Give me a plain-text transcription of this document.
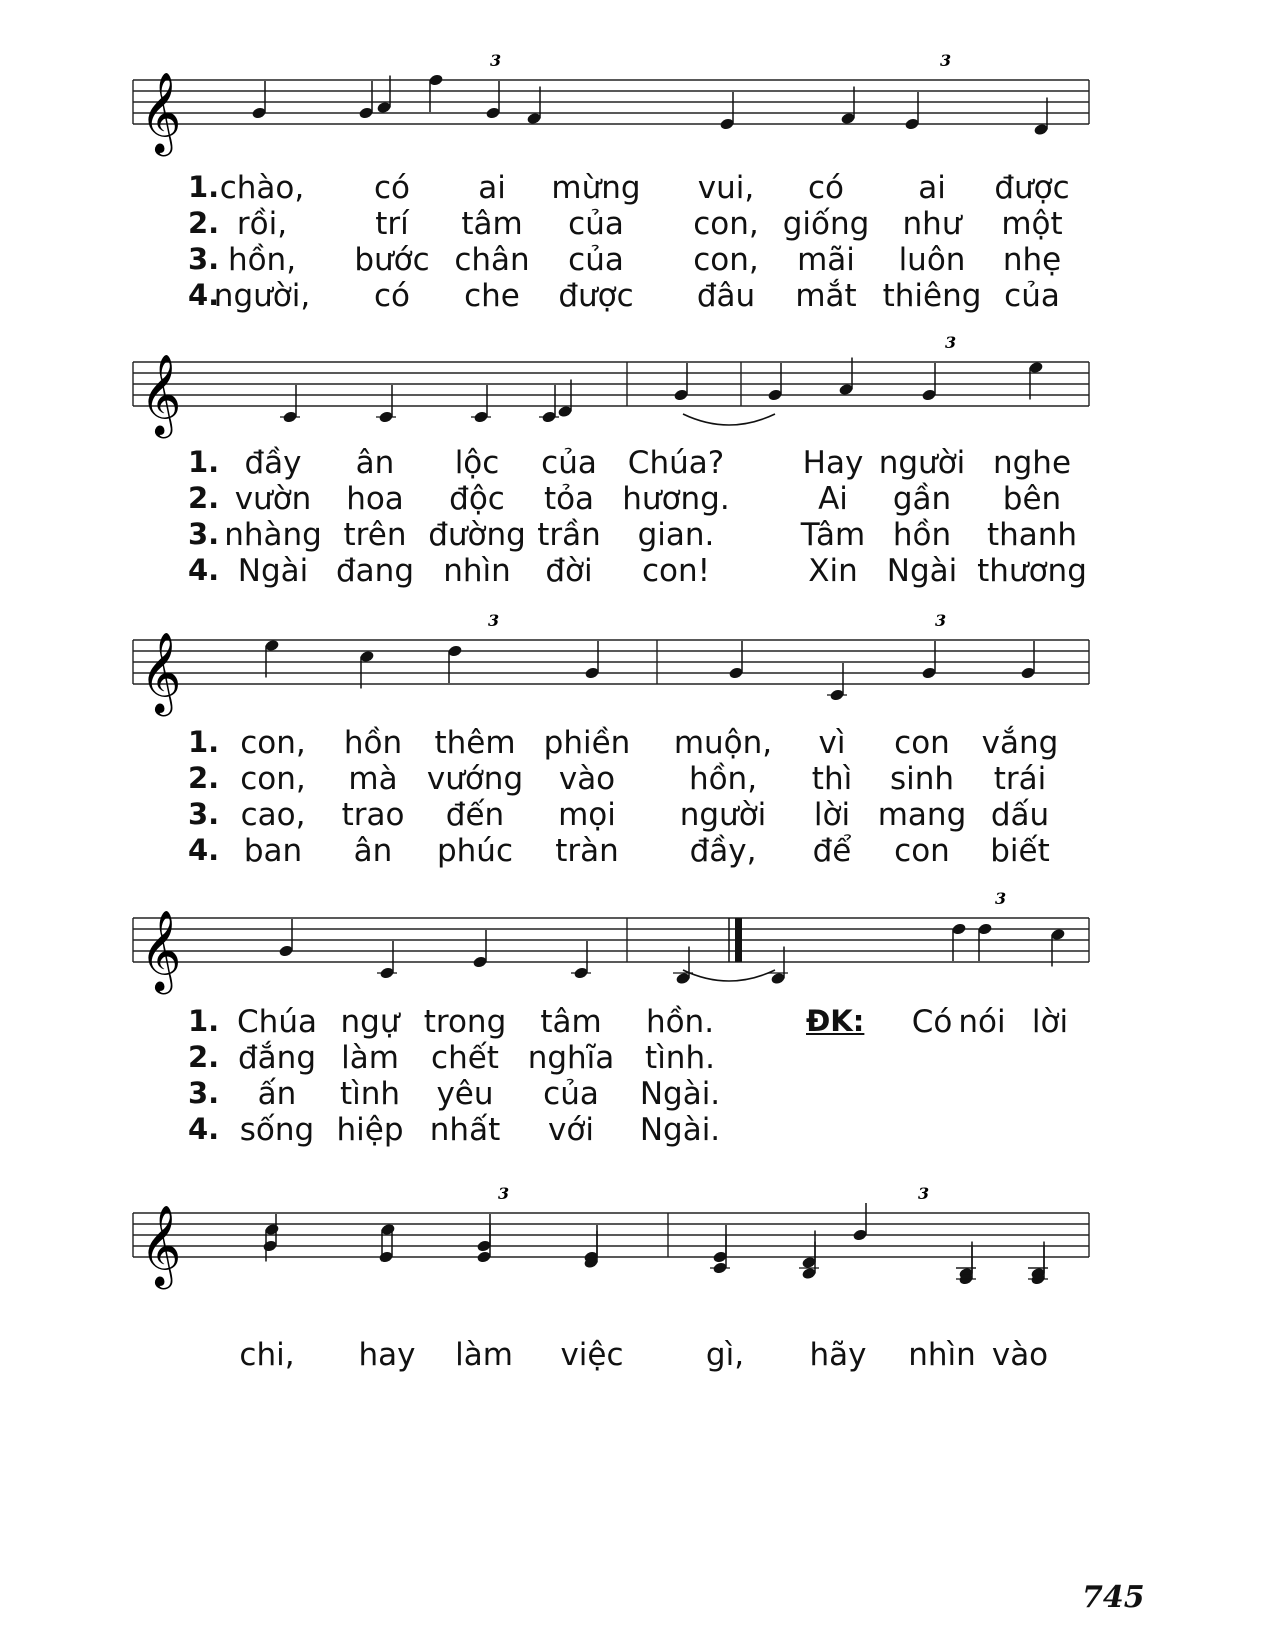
𝄞
3	3
1. chào, có ai mừng vui, có ai được
2. rồi,	trí tâm của con, giống như một
3. hồn, bước chân của con, mãi luôn nhẹ
4.
người, có che được đâu mắt thiêng của
𝄞
3
1. đầy ân lộc của Chúa?	Hay người nghe
2. vườn hoa độc tỏa hương.	Ai gần bên
3. nhàng trên đường trần gian.	Tâm hồn thanh
4. Ngài đang nhìn đời con!	Xin Ngài thương
𝄞
3	3
1. con, hồn thêm phiền muộn, vì con vắng
2. con, mà vướng vào hồn, thì sinh trái
3. cao, trao đến mọi người lời mang dấu
4. ban ân phúc tràn đầy, để con biết
𝄞
3
1. Chúa ngự trong tâm hồn.	ĐK: Có nói lời
2. đắng làm chết nghĩa tình.
3. ấn tình yêu của Ngài.
4. sống hiệp nhất với Ngài.
𝄞
3	3
chi, hay làm việc	gì, hãy nhìn vào
745
